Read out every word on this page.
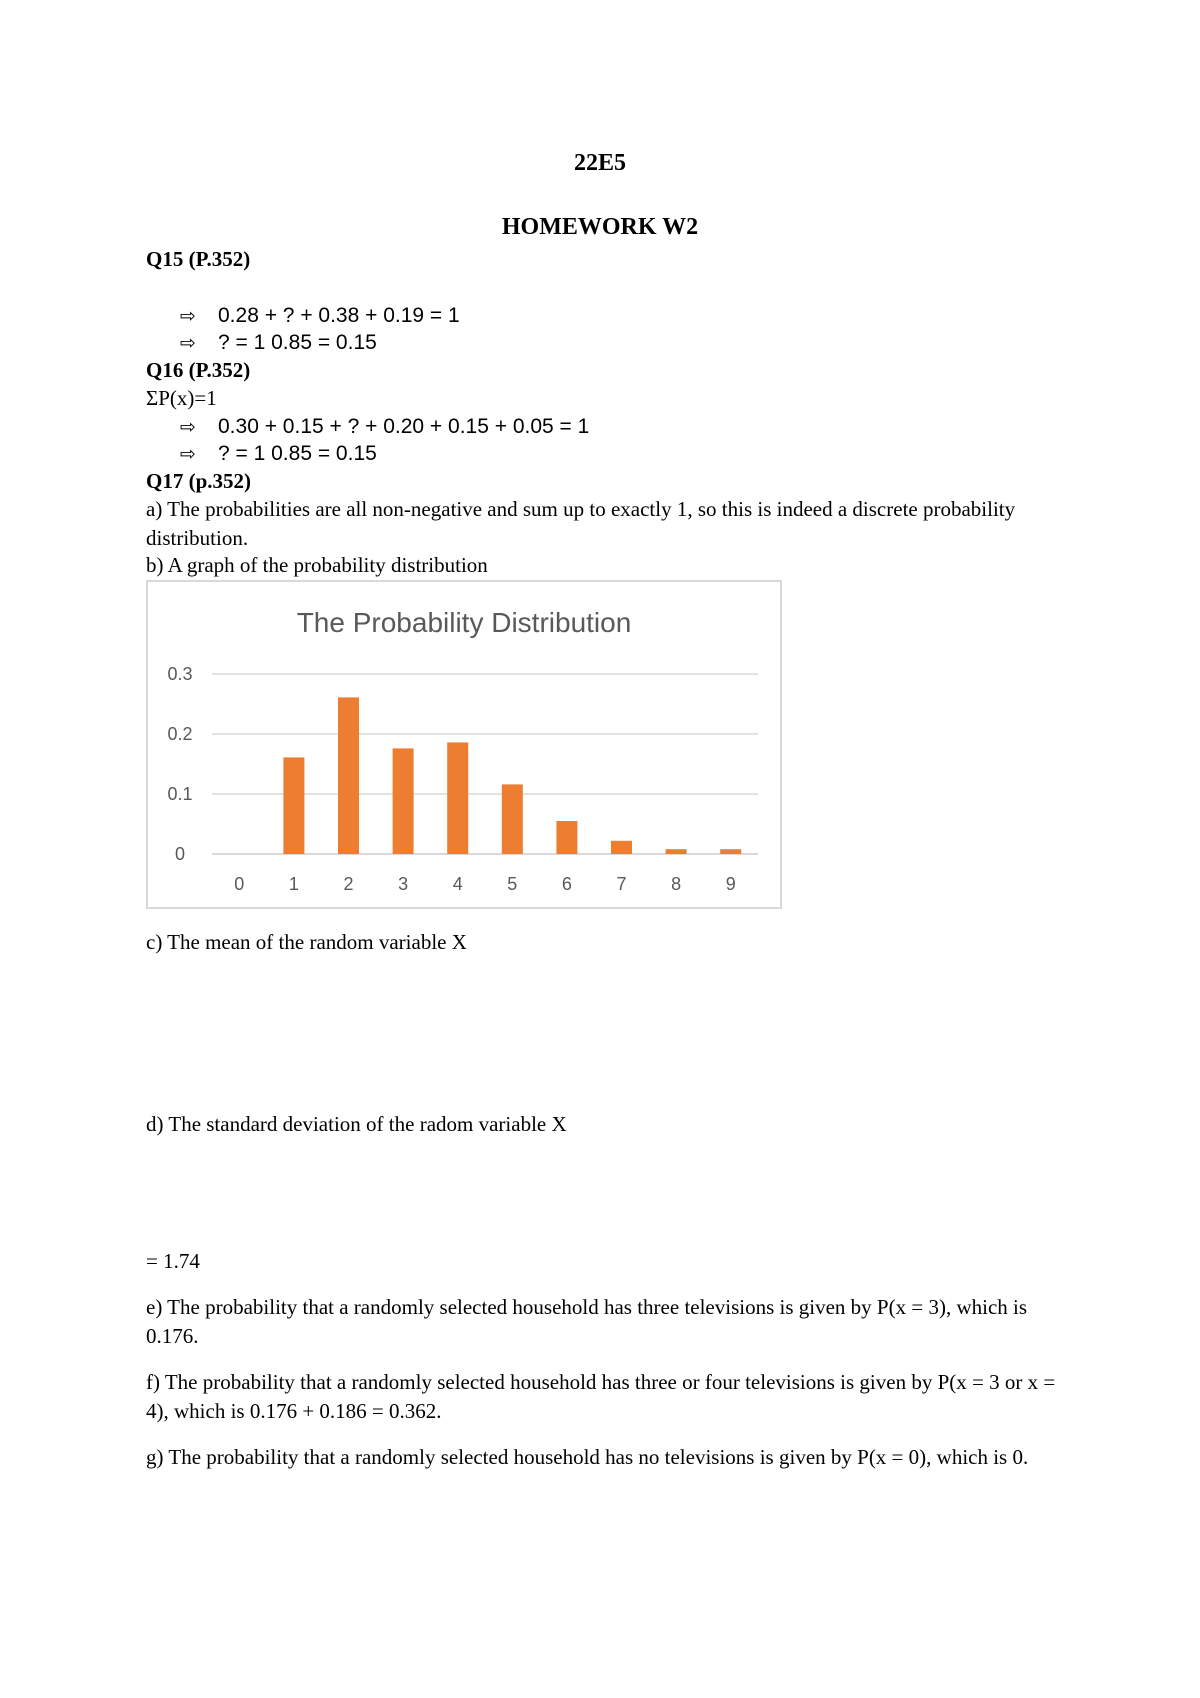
22E5
HOMEWORK W2
Q15 (P.352)
⇨ 0.28 + ? + 0.38 + 0.19 = 1
⇨ ? = 1 0.85 = 0.15
Q16 (P.352)
ΣP(x)=1
⇨ 0.30 + 0.15 + ? + 0.20 + 0.15 + 0.05 = 1
⇨ ? = 1 0.85 = 0.15
Q17 (p.352)
a) The probabilities are all non-negative and sum up to exactly 1, so this is indeed a discrete probability distribution.
b) A graph of the probability distribution
The Probability Distribution
0
0.1
0.2
0.3
0 1 2 3 4 5 6 7 8 9
c) The mean of the random variable X
d) The standard deviation of the radom variable X
= 1.74
e) The probability that a randomly selected household has three televisions is given by P(x = 3), which is 0.176.
f) The probability that a randomly selected household has three or four televisions is given by P(x = 3 or x = 4), which is 0.176 + 0.186 = 0.362.
g) The probability that a randomly selected household has no televisions is given by P(x = 0), which is 0.
